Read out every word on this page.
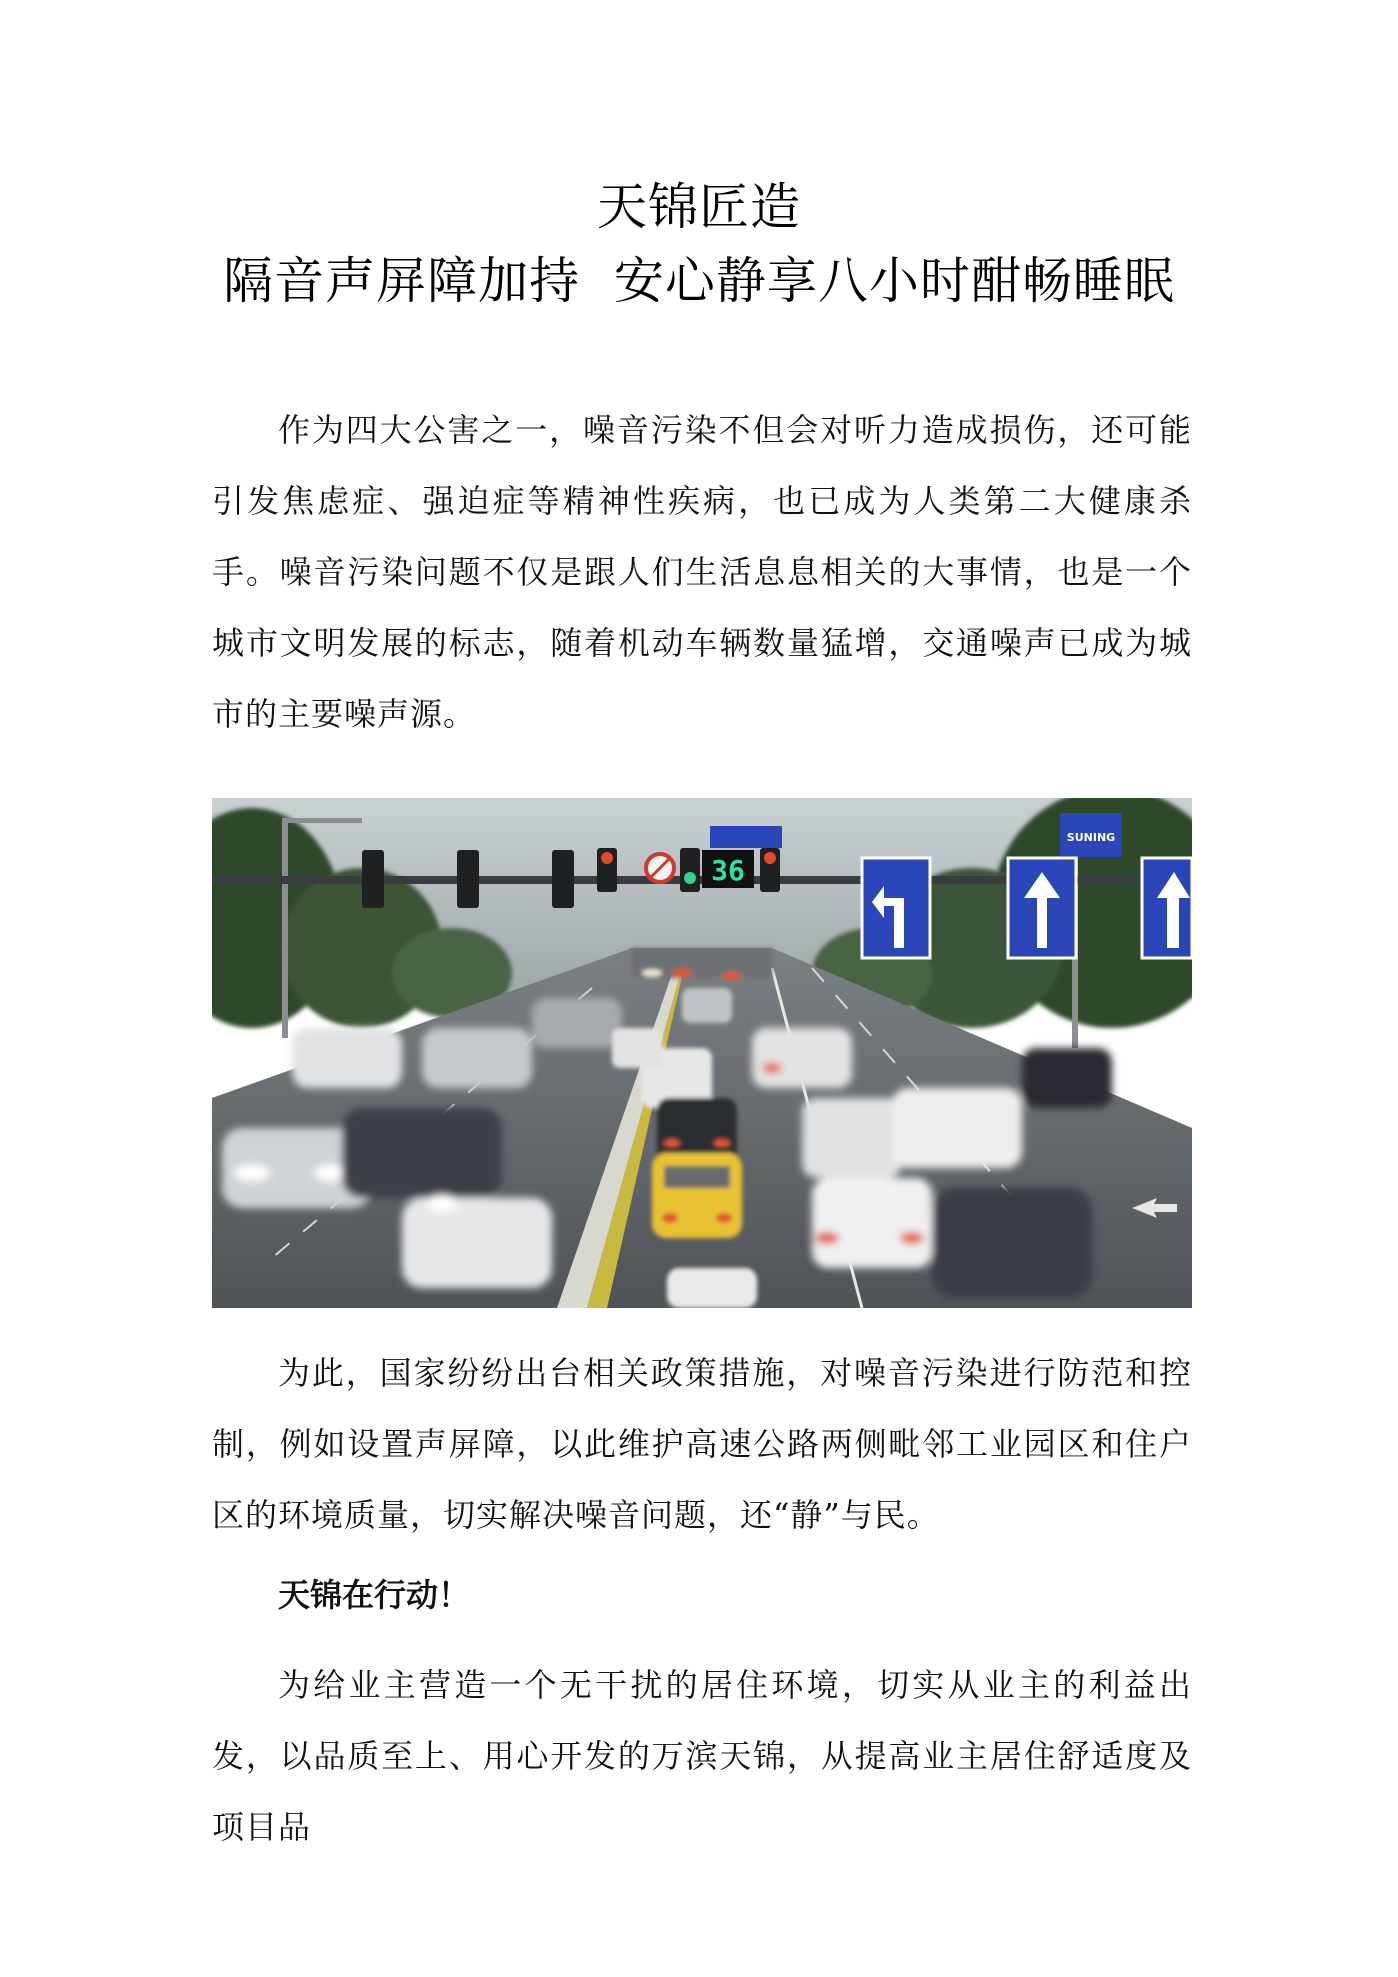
天锦匠造
隔音声屏障加持  安心静享八小时酣畅睡眠

作为四大公害之一，噪音污染不但会对听力造成损伤，还可能引发焦虑症、强迫症等精神性疾病，也已成为人类第二大健康杀手。噪音污染问题不仅是跟人们生活息息相关的大事情，也是一个城市文明发展的标志，随着机动车辆数量猛增，交通噪声已成为城市的主要噪声源。

36
SUNING

为此，国家纷纷出台相关政策措施，对噪音污染进行防范和控制，例如设置声屏障，以此维护高速公路两侧毗邻工业园区和住户区的环境质量，切实解决噪音问题，还“静”与民。

天锦在行动！

为给业主营造一个无干扰的居住环境，切实从业主的利益出发，以品质至上、用心开发的万滨天锦，从提高业主居住舒适度及项目品
